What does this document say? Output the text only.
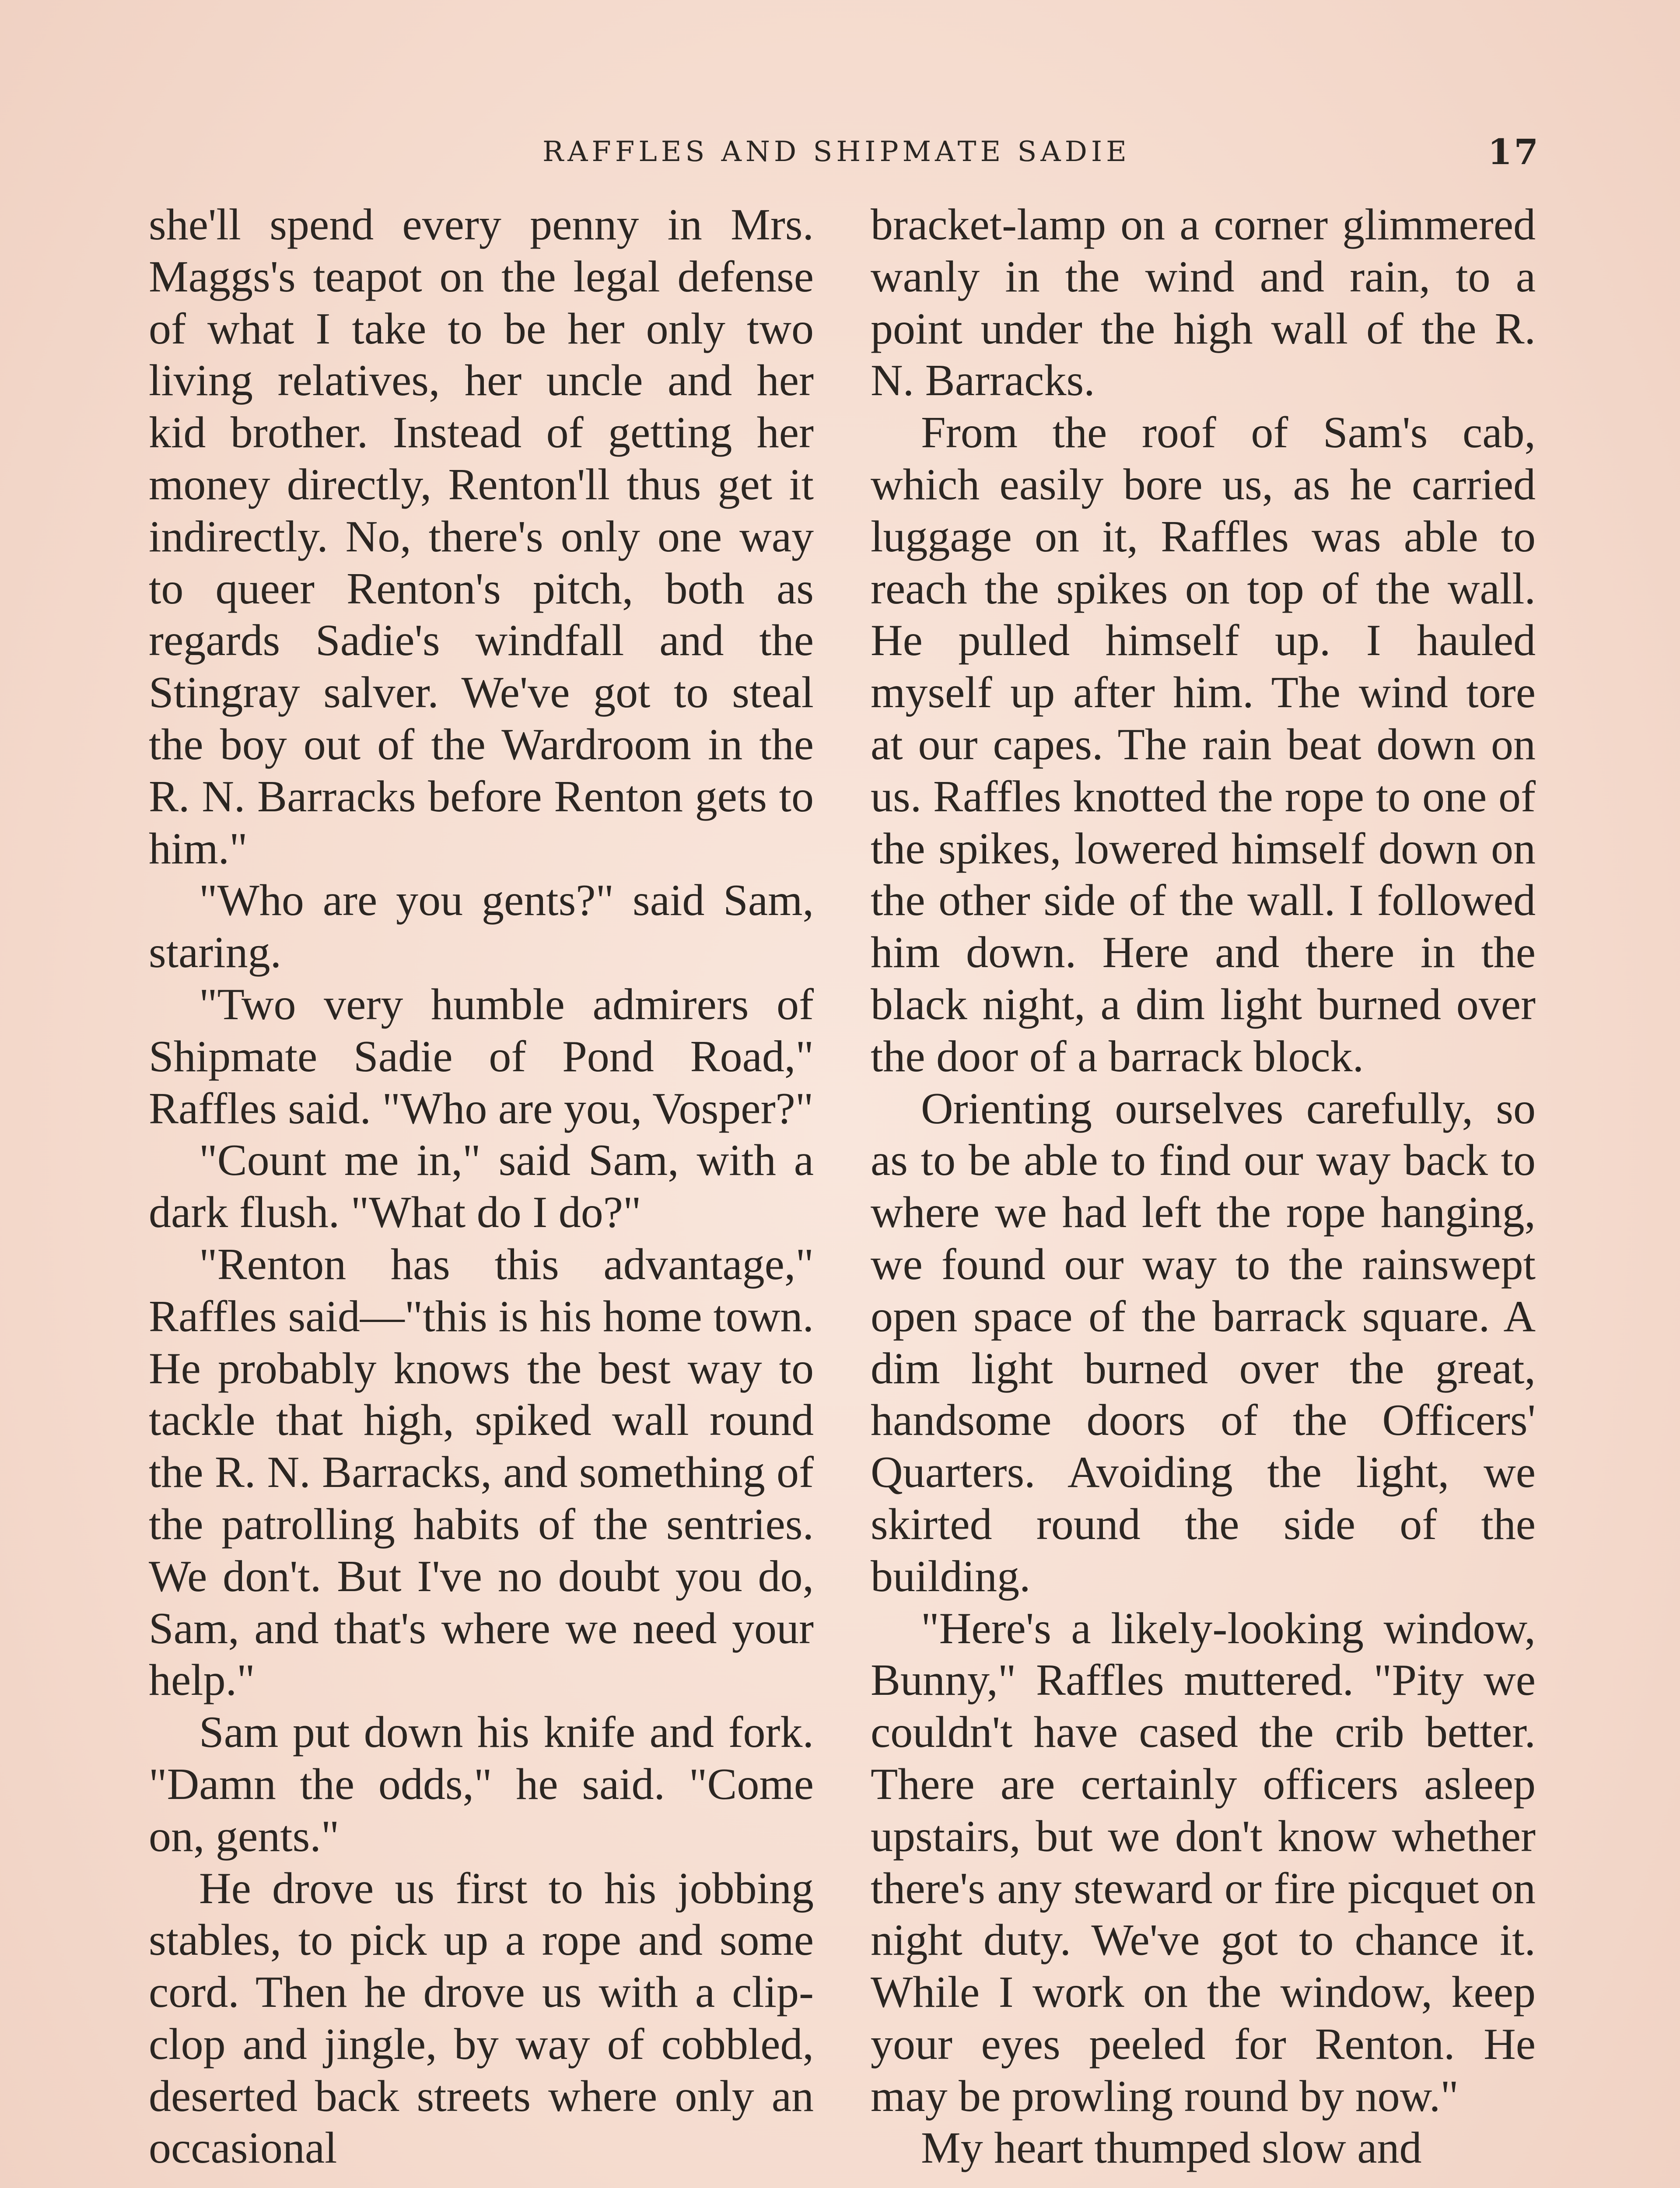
RAFFLES AND SHIPMATE SADIE	17

she'll spend every penny in Mrs. Maggs's teapot on the legal defense of what I take to be her only two living relatives, her uncle and her kid brother. Instead of getting her money directly, Renton'll thus get it indirectly. No, there's only one way to queer Renton's pitch, both as regards Sadie's windfall and the Stingray salver. We've got to steal the boy out of the Wardroom in the R. N. Barracks before Renton gets to him."

"Who are you gents?" said Sam, staring.

"Two very humble admirers of Shipmate Sadie of Pond Road," Raffles said. "Who are you, Vosper?"

"Count me in," said Sam, with a dark flush. "What do I do?"

"Renton has this advantage," Raffles said—"this is his home town. He probably knows the best way to tackle that high, spiked wall round the R. N. Barracks, and something of the patrolling habits of the sentries. We don't. But I've no doubt you do, Sam, and that's where we need your help."

Sam put down his knife and fork. "Damn the odds," he said. "Come on, gents."

He drove us first to his jobbing stables, to pick up a rope and some cord. Then he drove us with a clip-clop and jingle, by way of cobbled, deserted back streets where only an occasional

bracket-lamp on a corner glimmered wanly in the wind and rain, to a point under the high wall of the R. N. Barracks.

From the roof of Sam's cab, which easily bore us, as he carried luggage on it, Raffles was able to reach the spikes on top of the wall. He pulled himself up. I hauled myself up after him. The wind tore at our capes. The rain beat down on us. Raffles knotted the rope to one of the spikes, lowered himself down on the other side of the wall. I followed him down. Here and there in the black night, a dim light burned over the door of a barrack block.

Orienting ourselves carefully, so as to be able to find our way back to where we had left the rope hanging, we found our way to the rainswept open space of the barrack square. A dim light burned over the great, handsome doors of the Officers' Quarters. Avoiding the light, we skirted round the side of the building.

"Here's a likely-looking window, Bunny," Raffles muttered. "Pity we couldn't have cased the crib better. There are certainly officers asleep upstairs, but we don't know whether there's any steward or fire picquet on night duty. We've got to chance it. While I work on the window, keep your eyes peeled for Renton. He may be prowling round by now."

My heart thumped slow and
